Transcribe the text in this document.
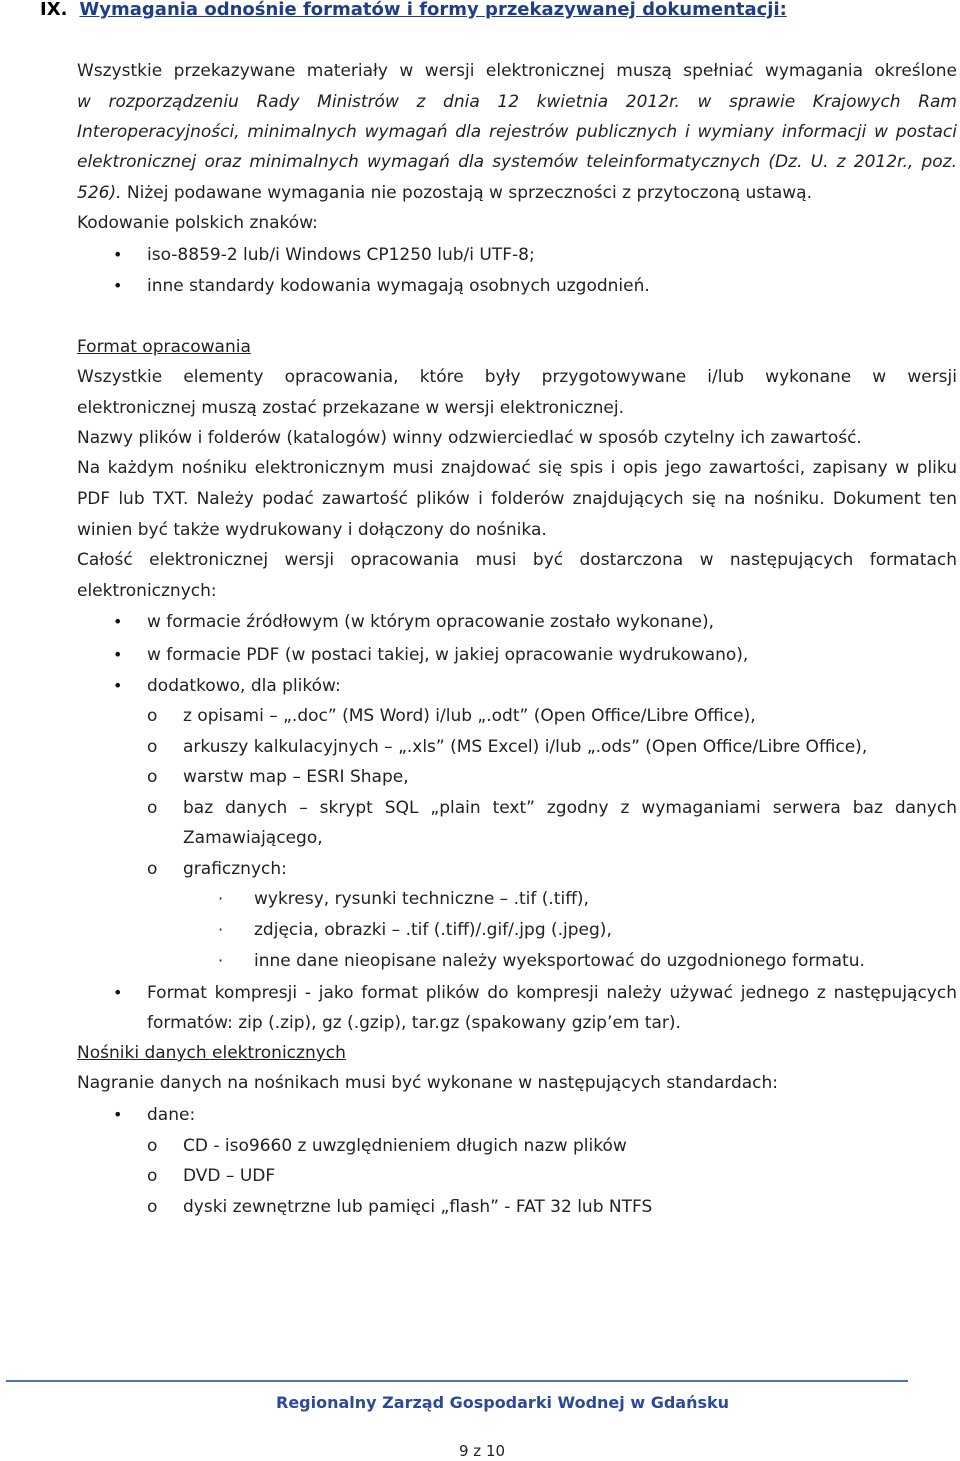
IX. Wymagania odnośnie formatów i formy przekazywanej dokumentacji:
Wszystkie przekazywane materiały w wersji elektronicznej muszą spełniać wymagania określone
w rozporządzeniu Rady Ministrów z dnia 12 kwietnia 2012r. w sprawie Krajowych Ram
Interoperacyjności, minimalnych wymagań dla rejestrów publicznych i wymiany informacji w postaci
elektronicznej oraz minimalnych wymagań dla systemów teleinformatycznych (Dz. U. z 2012r., poz.
526). Niżej podawane wymagania nie pozostają w sprzeczności z przytoczoną ustawą.
Kodowanie polskich znaków:
• iso-8859-2 lub/i Windows CP1250 lub/i UTF-8;
• inne standardy kodowania wymagają osobnych uzgodnień.
Format opracowania
Wszystkie elementy opracowania, które były przygotowywane i/lub wykonane w wersji
elektronicznej muszą zostać przekazane w wersji elektronicznej.
Nazwy plików i folderów (katalogów) winny odzwierciedlać w sposób czytelny ich zawartość.
Na każdym nośniku elektronicznym musi znajdować się spis i opis jego zawartości, zapisany w pliku
PDF lub TXT. Należy podać zawartość plików i folderów znajdujących się na nośniku. Dokument ten
winien być także wydrukowany i dołączony do nośnika.
Całość elektronicznej wersji opracowania musi być dostarczona w następujących formatach
elektronicznych:
• w formacie źródłowym (w którym opracowanie zostało wykonane),
• w formacie PDF (w postaci takiej, w jakiej opracowanie wydrukowano),
• dodatkowo, dla plików:
o z opisami – „.doc” (MS Word) i/lub „.odt” (Open Office/Libre Office),
o arkuszy kalkulacyjnych – „.xls” (MS Excel) i/lub „.ods” (Open Office/Libre Office),
o warstw map – ESRI Shape,
o baz danych – skrypt SQL „plain text” zgodny z wymaganiami serwera baz danych
Zamawiającego,
o graficznych:
· wykresy, rysunki techniczne – .tif (.tiff),
· zdjęcia, obrazki – .tif (.tiff)/.gif/.jpg (.jpeg),
· inne dane nieopisane należy wyeksportować do uzgodnionego formatu.
• Format kompresji - jako format plików do kompresji należy używać jednego z następujących
formatów: zip (.zip), gz (.gzip), tar.gz (spakowany gzip’em tar).
Nośniki danych elektronicznych
Nagranie danych na nośnikach musi być wykonane w następujących standardach:
• dane:
o CD - iso9660 z uwzględnieniem długich nazw plików
o DVD – UDF
o dyski zewnętrzne lub pamięci „flash” - FAT 32 lub NTFS
Regionalny Zarząd Gospodarki Wodnej w Gdańsku
9 z 10
